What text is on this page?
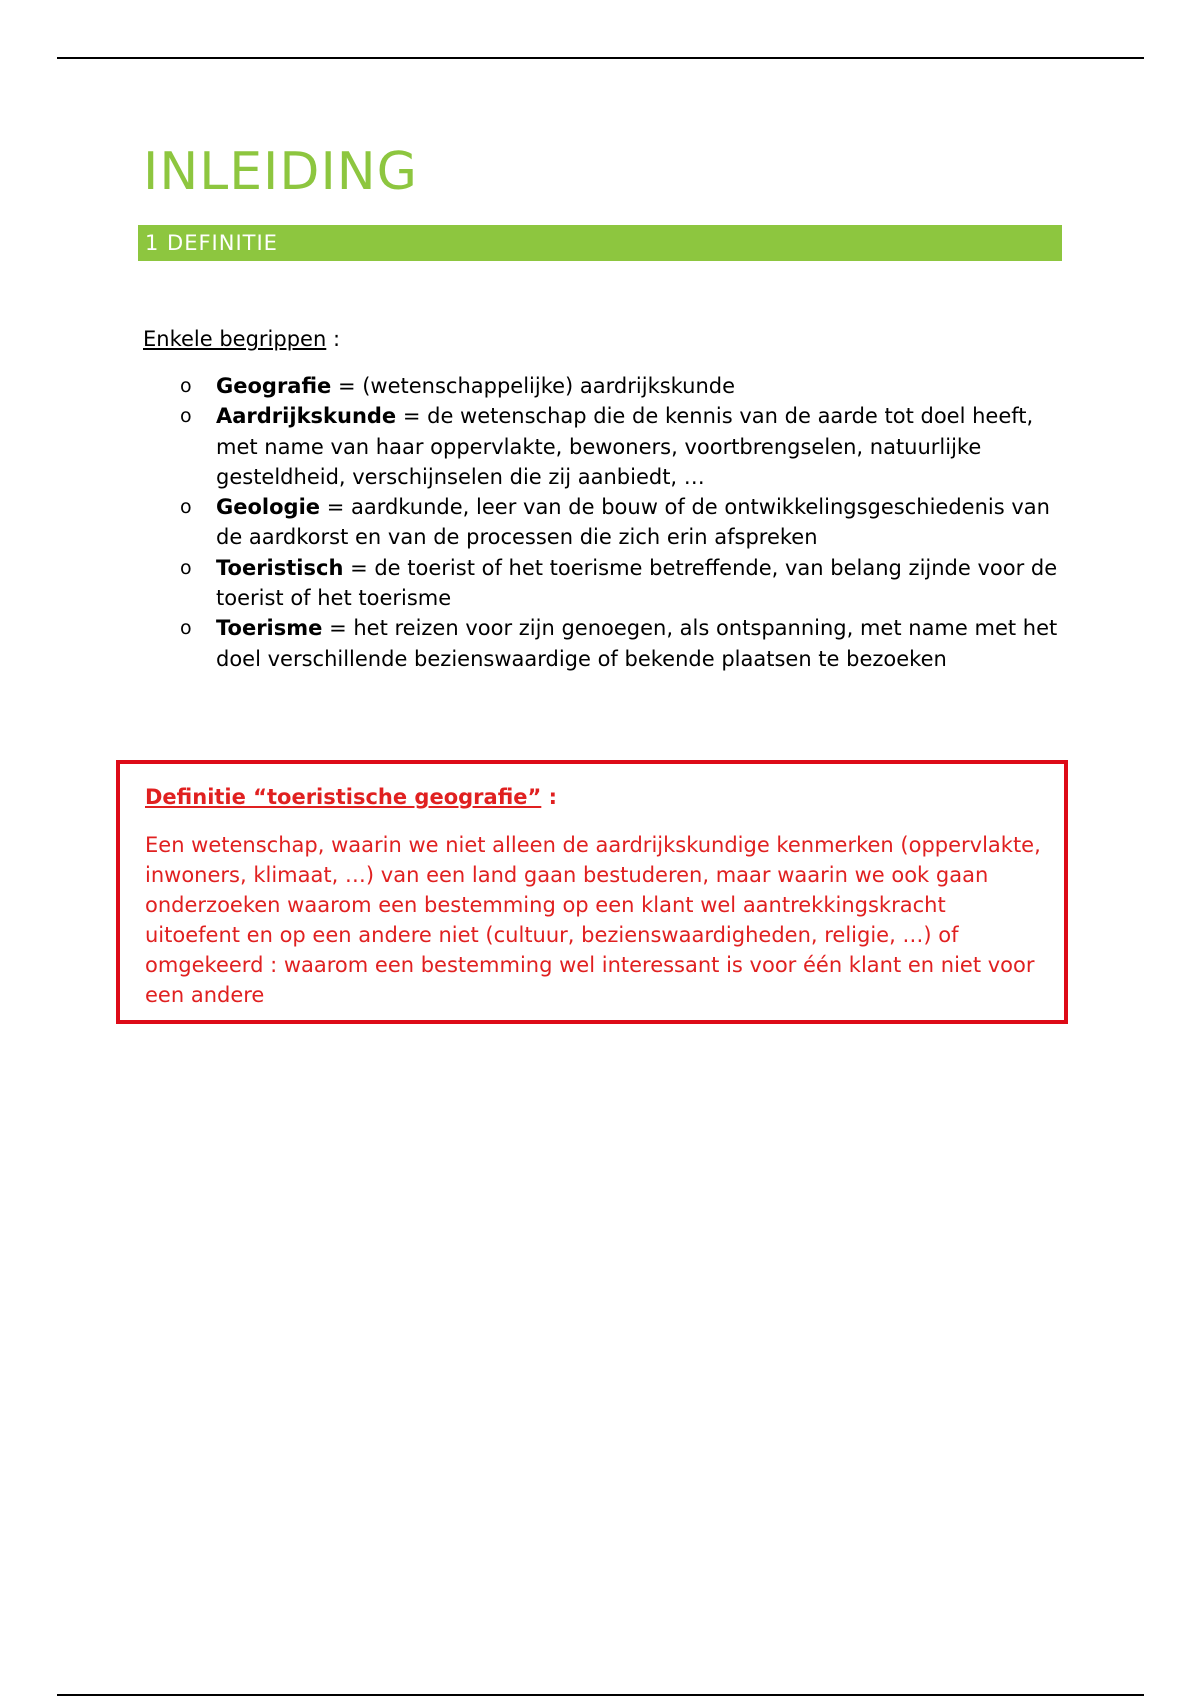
INLEIDING
1 DEFINITIE
Enkele begrippen :
o Geografie = (wetenschappelijke) aardrijkskunde
o Aardrijkskunde = de wetenschap die de kennis van de aarde tot doel heeft, met name van haar oppervlakte, bewoners, voortbrengselen, natuurlijke gesteldheid, verschijnselen die zij aanbiedt, …
o Geologie = aardkunde, leer van de bouw of de ontwikkelingsgeschiedenis van de aardkorst en van de processen die zich erin afspreken
o Toeristisch = de toerist of het toerisme betreffende, van belang zijnde voor de toerist of het toerisme
o Toerisme = het reizen voor zijn genoegen, als ontspanning, met name met het doel verschillende bezienswaardige of bekende plaatsen te bezoeken

Definitie “toeristische geografie” :

Een wetenschap, waarin we niet alleen de aardrijkskundige kenmerken (oppervlakte, inwoners, klimaat, …) van een land gaan bestuderen, maar waarin we ook gaan onderzoeken waarom een bestemming op een klant wel aantrekkingskracht uitoefent en op een andere niet (cultuur, bezienswaardigheden, religie, …) of omgekeerd : waarom een bestemming wel interessant is voor één klant en niet voor een andere
